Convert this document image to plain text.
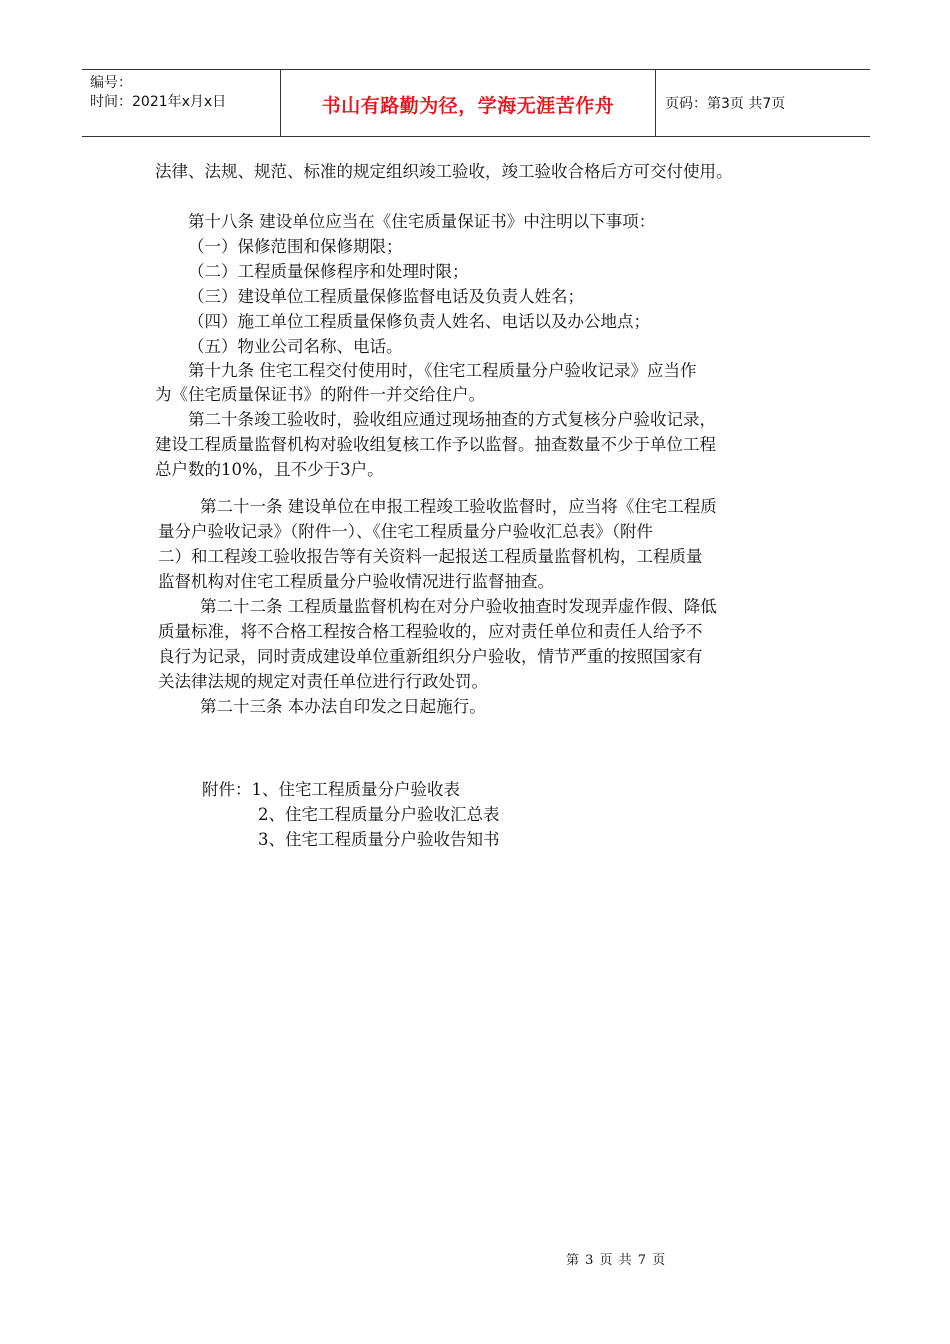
编号：
时间：2021年x月x日	书山有路勤为径，学海无涯苦作舟	页码：第3页 共7页
法律、法规、规范、标准的规定组织竣工验收，竣工验收合格后方可交付使用。
第十八条 建设单位应当在《住宅质量保证书》中注明以下事项：
（一）保修范围和保修期限；
（二）工程质量保修程序和处理时限；
（三）建设单位工程质量保修监督电话及负责人姓名；
（四）施工单位工程质量保修负责人姓名、电话以及办公地点；
（五）物业公司名称、电话。
第十九条 住宅工程交付使用时，《住宅工程质量分户验收记录》应当作
为《住宅质量保证书》的附件一并交给住户。
第二十条竣工验收时，验收组应通过现场抽查的方式复核分户验收记录，
建设工程质量监督机构对验收组复核工作予以监督。抽查数量不少于单位工程
总户数的10%，且不少于3户。
第二十一条 建设单位在申报工程竣工验收监督时，应当将《住宅工程质
量分户验收记录》（附件一）、《住宅工程质量分户验收汇总表》（附件
二）和工程竣工验收报告等有关资料一起报送工程质量监督机构，工程质量
监督机构对住宅工程质量分户验收情况进行监督抽查。
第二十二条 工程质量监督机构在对分户验收抽查时发现弄虚作假、降低
质量标准，将不合格工程按合格工程验收的，应对责任单位和责任人给予不
良行为记录，同时责成建设单位重新组织分户验收，情节严重的按照国家有
关法律法规的规定对责任单位进行行政处罚。
第二十三条 本办法自印发之日起施行。
附件：1、住宅工程质量分户验收表
2、住宅工程质量分户验收汇总表
3、住宅工程质量分户验收告知书
第 3 页 共 7 页
